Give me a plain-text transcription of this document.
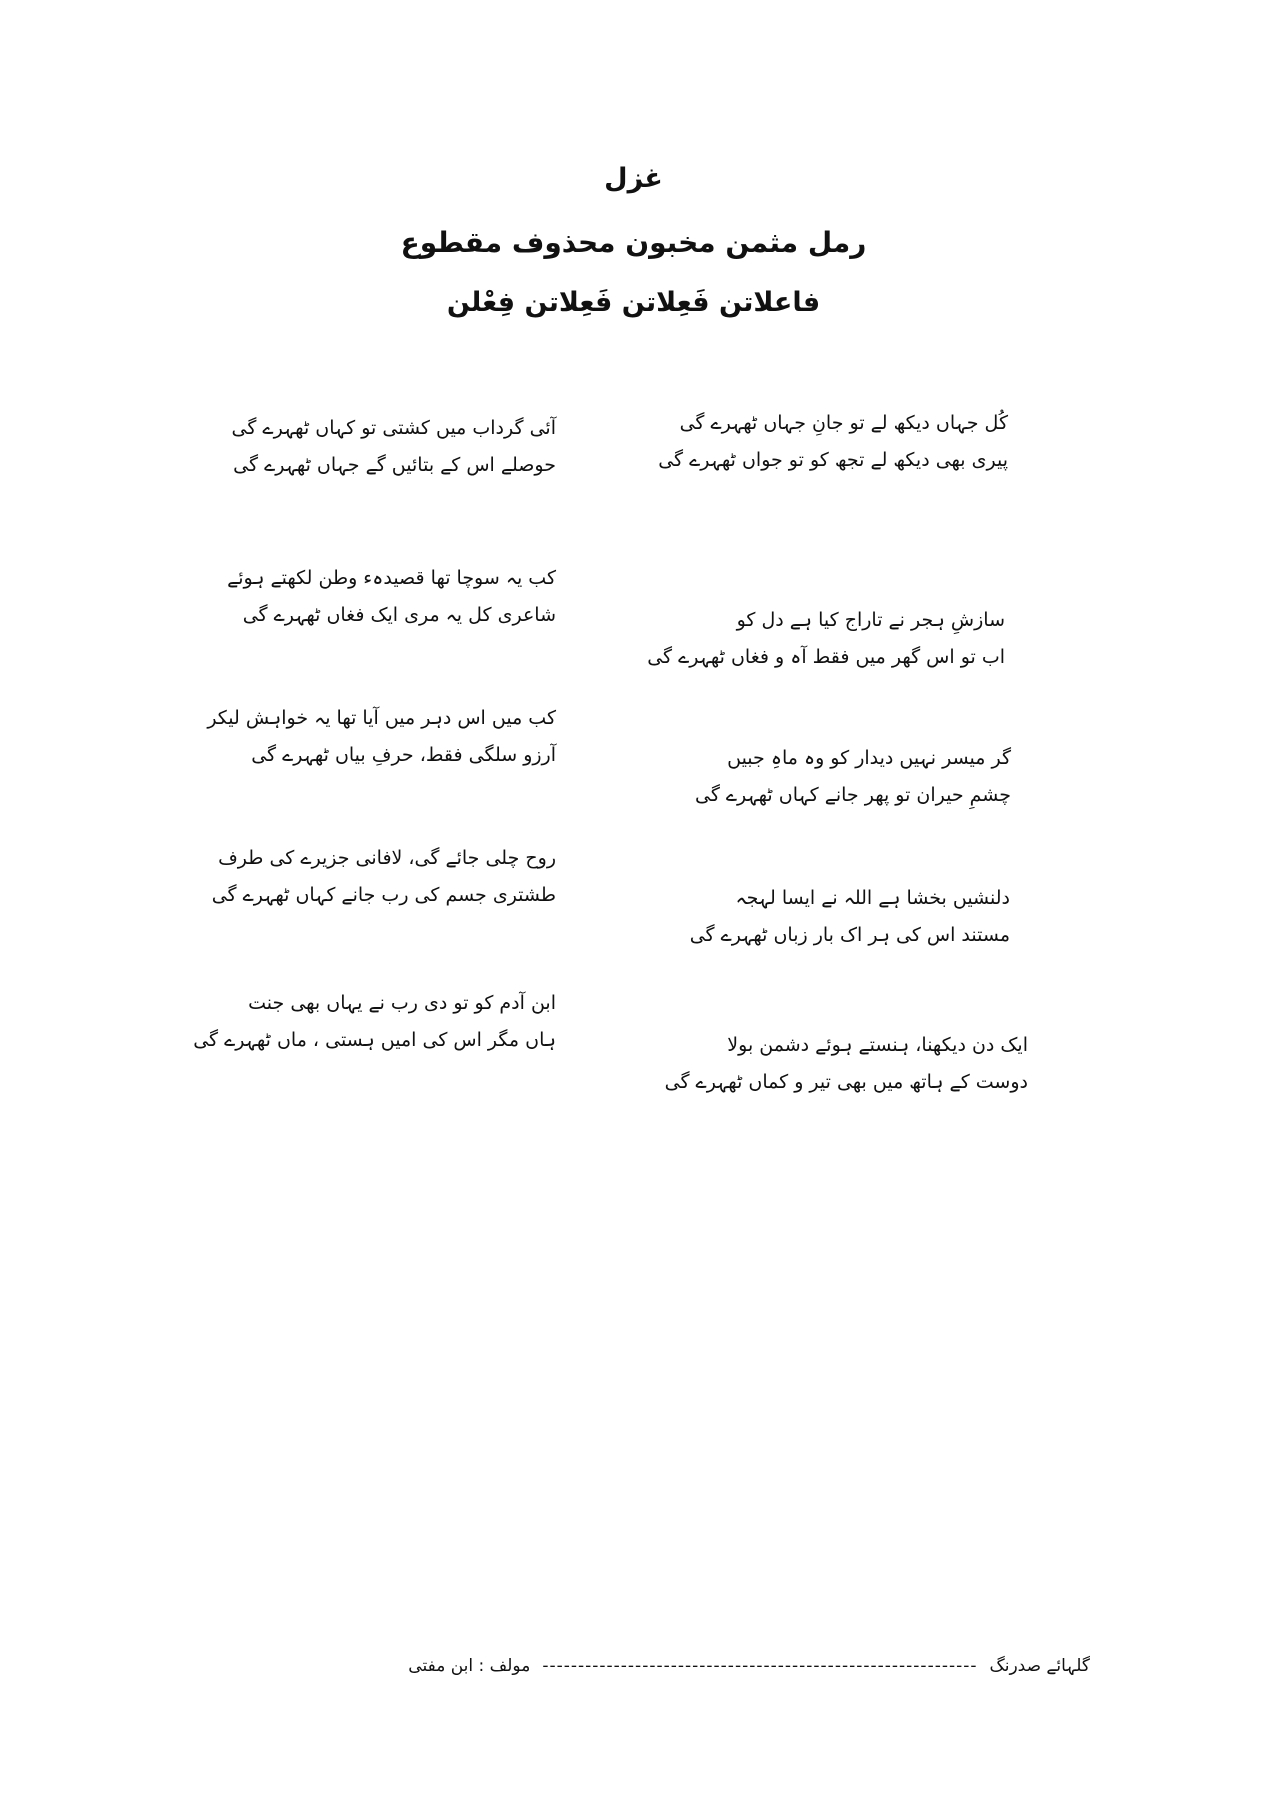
غزل
رمل مثمن مخبون محذوف مقطوع
فاعلاتن فَعِلاتن فَعِلاتن فِعْلن
کُل جہاں دیکھ لے تو جانِ جہاں ٹھہرے گی
پیری بھی دیکھ لے تجھ کو تو جواں ٹھہرے گی
سازشِ ہجر نے تاراج کیا ہے دل کو
اب تو اس گھر میں فقط آہ و فغاں ٹھہرے گی
گر میسر نہیں دیدار کو وہ ماہِ جبیں
چشمِ حیران تو پھر جانے کہاں ٹھہرے گی
دلنشیں بخشا ہے اللہ نے ایسا لہجہ
مستند اس کی ہر اک بار زباں ٹھہرے گی
ایک دن دیکھنا، ہنستے ہوئے دشمن بولا
دوست کے ہاتھ میں بھی تیر و کماں ٹھہرے گی
آئی گرداب میں کشتی تو کہاں ٹھہرے گی
حوصلے اس کے بتائیں گے جہاں ٹھہرے گی
کب یہ سوچا تھا قصیدہء وطن لکھتے ہوئے
شاعری کل یہ مری ایک فغاں ٹھہرے گی
کب میں اس دہر میں آیا تھا یہ خواہش لیکر
آرزو سلگی فقط، حرفِ بیاں ٹھہرے گی
روح چلی جائے گی، لافانی جزیرے کی طرف
طشتری جسم کی رب جانے کہاں ٹھہرے گی
ابن آدم کو تو دی رب نے یہاں بھی جنت
ہاں مگر اس کی امیں ہستی ، ماں ٹھہرے گی
گلہائے صدرنگ-------------------------------------------------------------مولف : ابنِ مفتی
